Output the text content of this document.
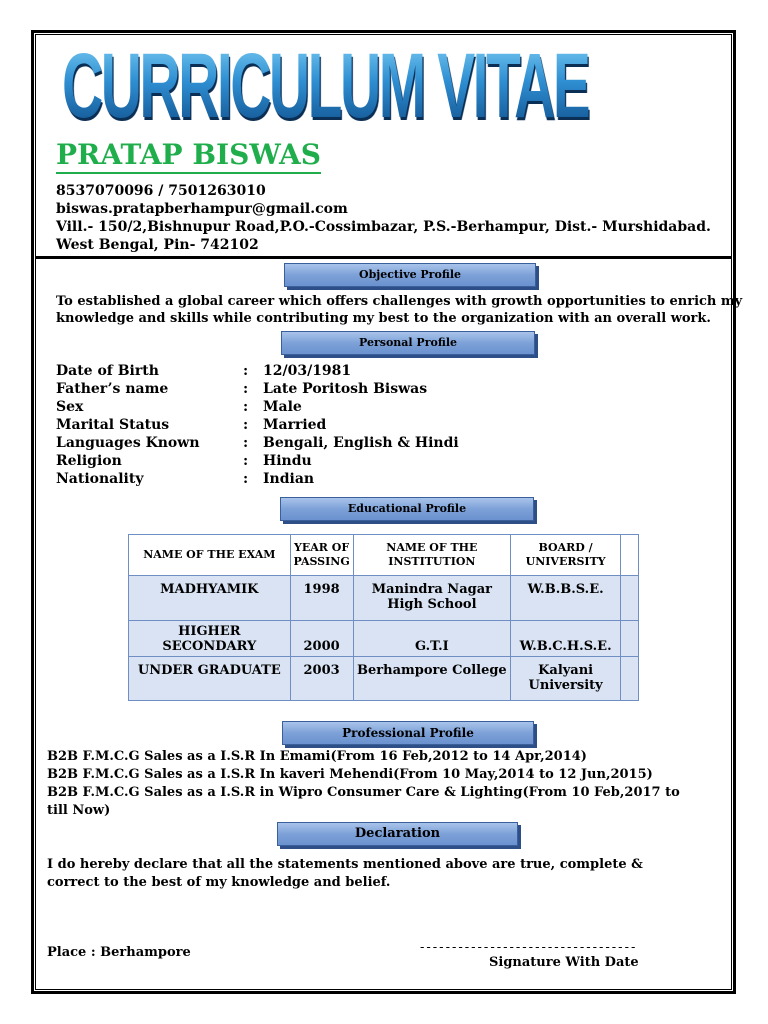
CURRICULUM VITAE
PRATAP BISWAS
8537070096 / 7501263010
biswas.pratapberhampur@gmail.com
Vill.- 150/2,Bishnupur Road,P.O.-Cossimbazar, P.S.-Berhampur, Dist.- Murshidabad.
West Bengal, Pin- 742102
Objective Profile
To established a global career which offers challenges with growth opportunities to enrich my
knowledge and skills while contributing my best to the organization with an overall work.
Personal Profile
Date of Birth	: 12/03/1981
Father’s name	: Late Poritosh Biswas
Sex	: Male
Marital Status	: Married
Languages Known	: Bengali, English & Hindi
Religion	: Hindu
Nationality	: Indian
Educational Profile
NAME OF THE EXAM	YEAR OF PASSING	NAME OF THE INSTITUTION	BOARD / UNIVERSITY	
MADHYAMIK	1998	Manindra Nagar High School	W.B.B.S.E.	
HIGHER SECONDARY	2000	G.T.I	W.B.C.H.S.E.	
UNDER GRADUATE	2003	Berhampore College	Kalyani University	
Professional Profile
B2B F.M.C.G Sales as a I.S.R In Emami(From 16 Feb,2012 to 14 Apr,2014)
B2B F.M.C.G Sales as a I.S.R In kaveri Mehendi(From 10 May,2014 to 12 Jun,2015)
B2B F.M.C.G Sales as a I.S.R in Wipro Consumer Care & Lighting(From 10 Feb,2017 to
till Now)
Declaration
I do hereby declare that all the statements mentioned above are true, complete & correct to the best of my knowledge and belief.
Place : Berhampore	----------------------------------
Signature With Date
